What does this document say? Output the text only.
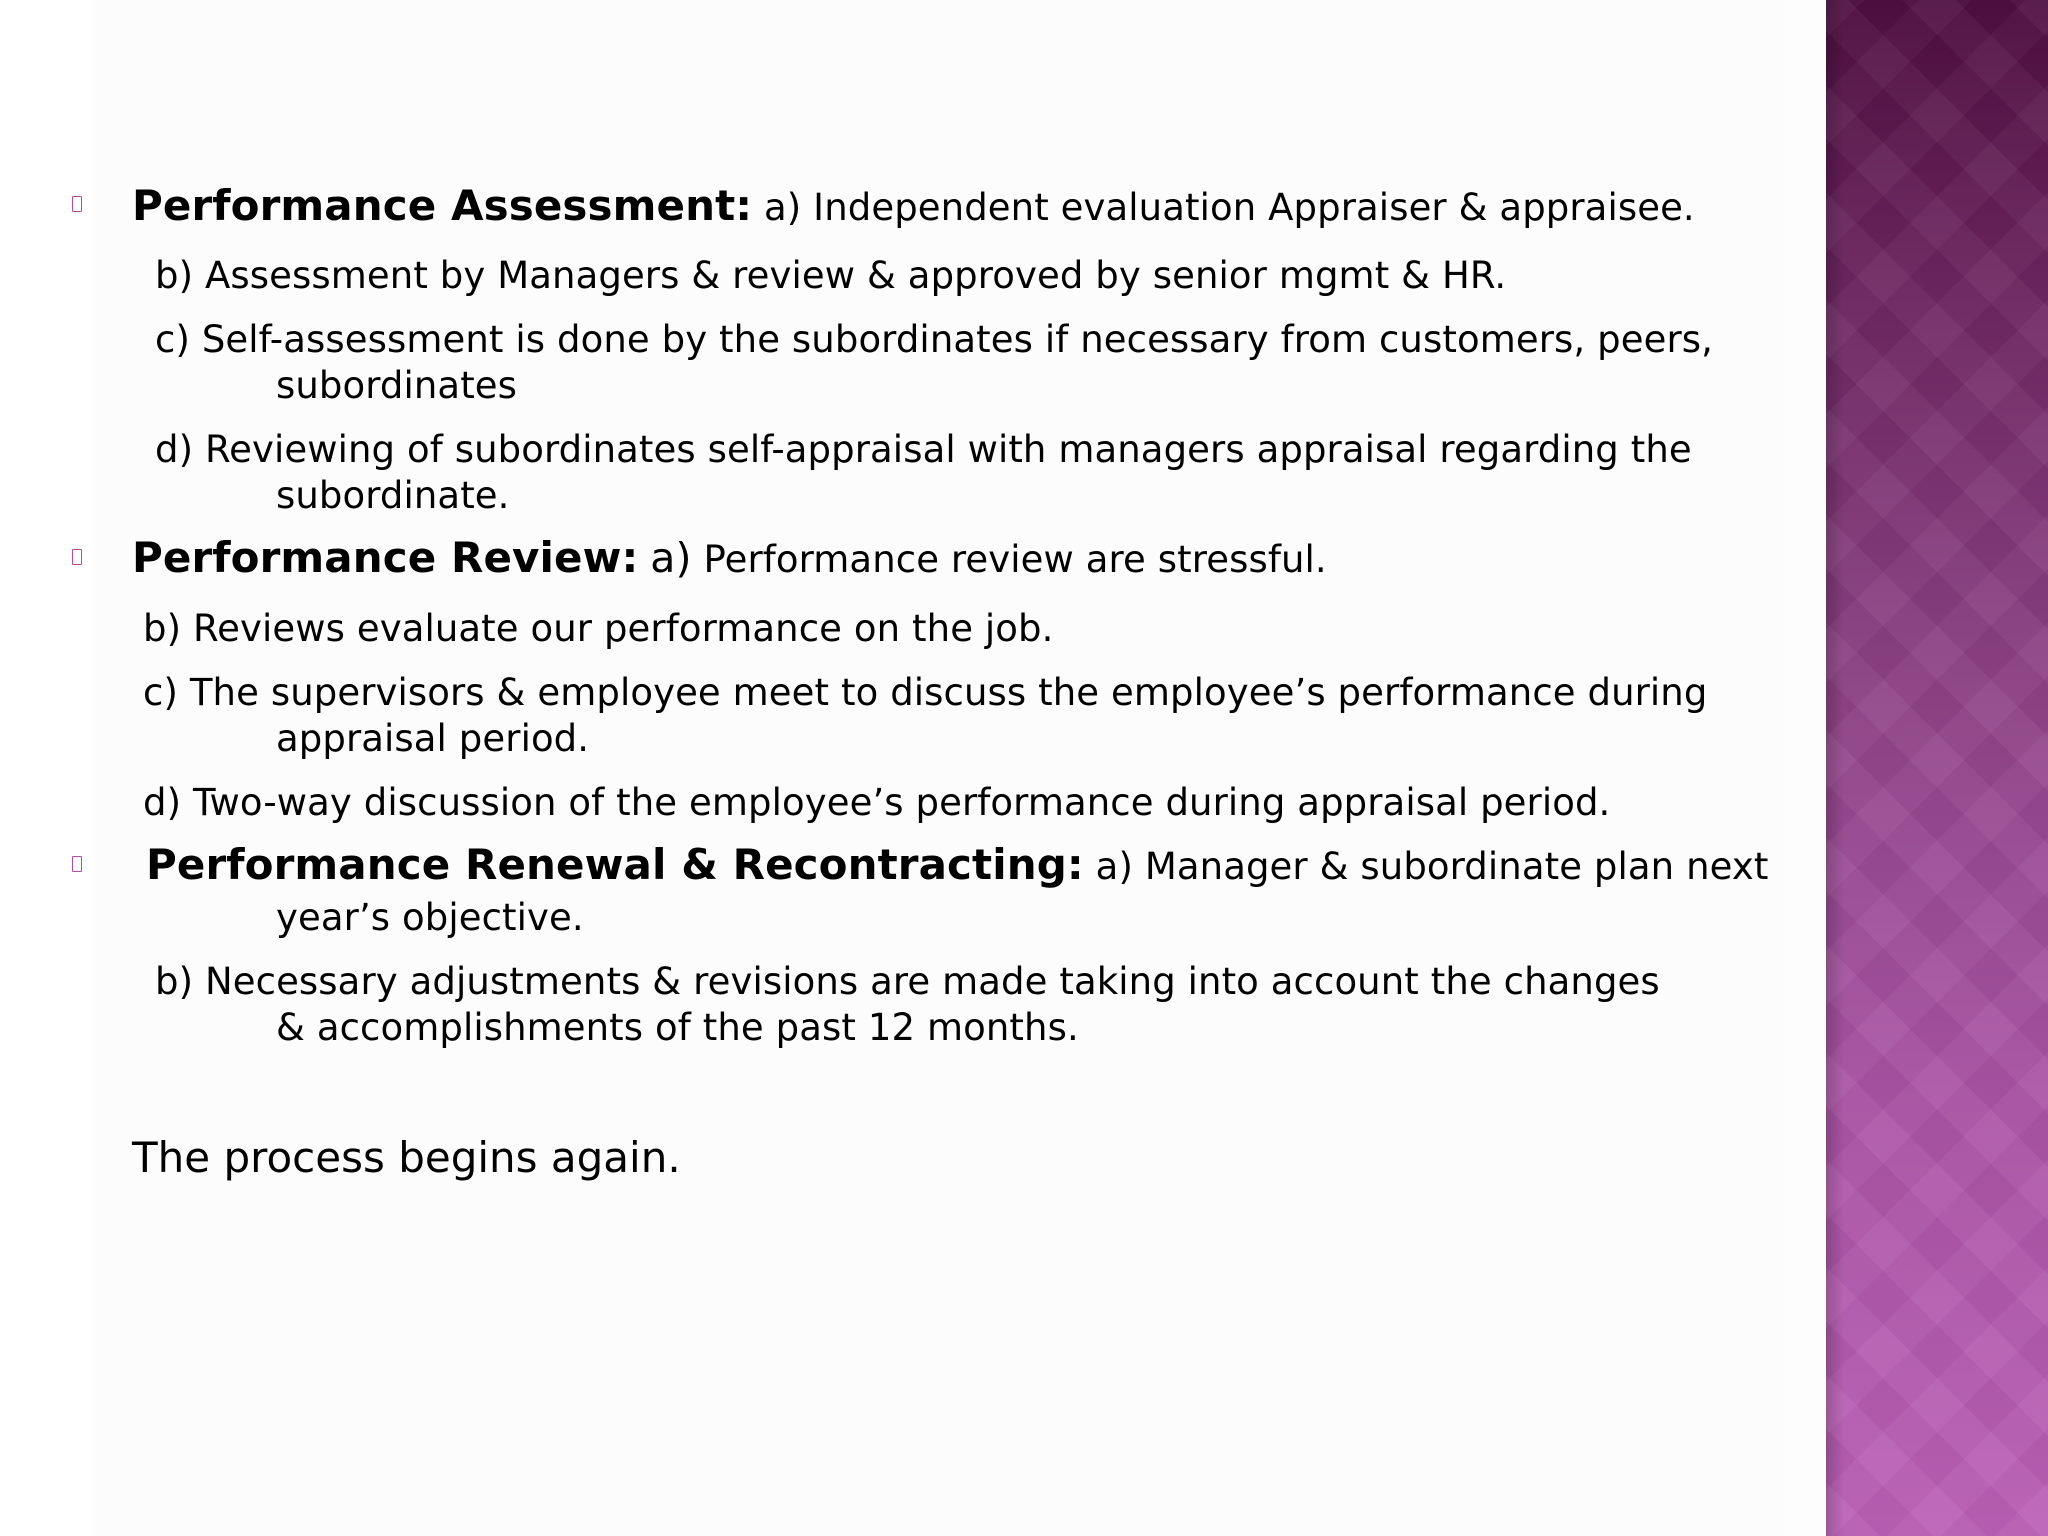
Performance Assessment: a) Independent evaluation Appraiser & appraisee.
b) Assessment by Managers & review & approved by senior mgmt & HR.
c) Self-assessment is done by the subordinates if necessary from customers, peers,
subordinates
d) Reviewing of subordinates self-appraisal with managers appraisal regarding the
subordinate.
Performance Review: a) Performance review are stressful.
b) Reviews evaluate our performance on the job.
c) The supervisors & employee meet to discuss the employee’s performance during
appraisal period.
d) Two-way discussion of the employee’s performance during appraisal period.
Performance Renewal & Recontracting: a) Manager & subordinate plan next
year’s objective.
b) Necessary adjustments & revisions are made taking into account the changes
& accomplishments of the past 12 months.
The process begins again.
